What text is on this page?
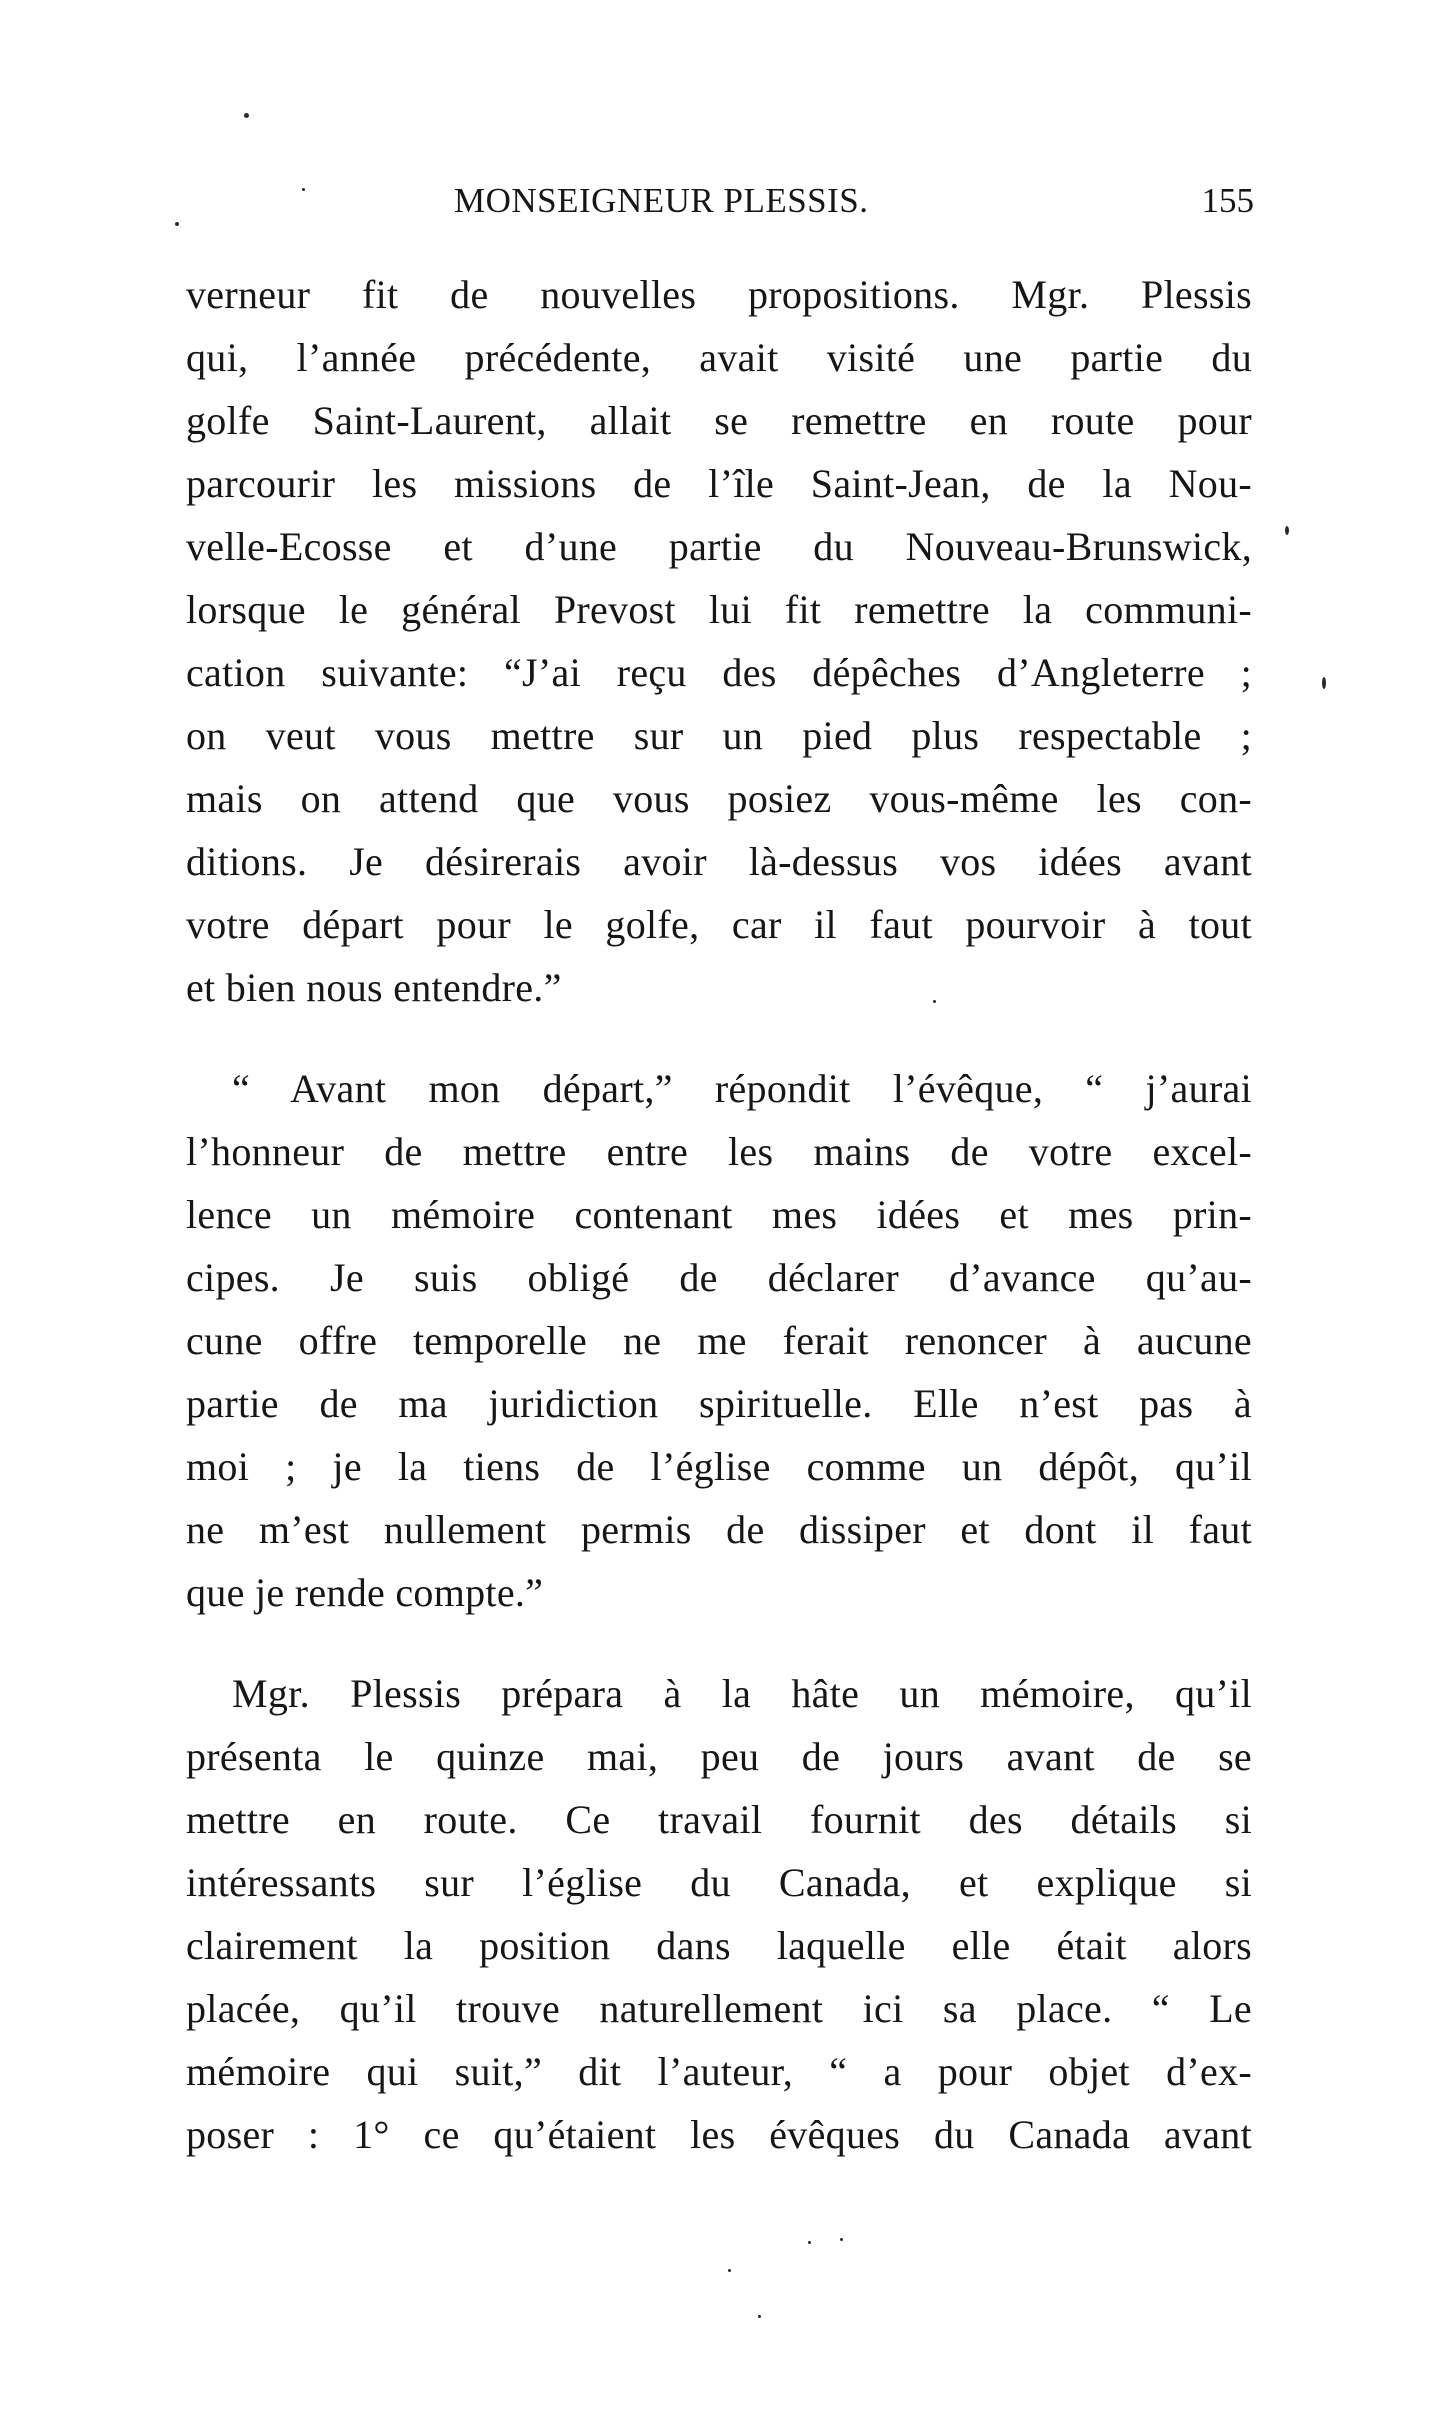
MONSEIGNEUR PLESSIS.	155
verneur fit de nouvelles propositions. Mgr. Plessis
qui, l’année précédente, avait visité une partie du
golfe Saint-Laurent, allait se remettre en route pour
parcourir les missions de l’île Saint-Jean, de la Nou-
velle-Ecosse et d’une partie du Nouveau-Brunswick,
lorsque le général Prevost lui fit remettre la communi-
cation suivante: “J’ai reçu des dépêches d’Angleterre ;
on veut vous mettre sur un pied plus respectable ;
mais on attend que vous posiez vous-même les con-
ditions. Je désirerais avoir là-dessus vos idées avant
votre départ pour le golfe, car il faut pourvoir à tout
et bien nous entendre.”
“ Avant mon départ,” répondit l’évêque, “ j’aurai
l’honneur de mettre entre les mains de votre excel-
lence un mémoire contenant mes idées et mes prin-
cipes. Je suis obligé de déclarer d’avance qu’au-
cune offre temporelle ne me ferait renoncer à aucune
partie de ma juridiction spirituelle. Elle n’est pas à
moi ; je la tiens de l’église comme un dépôt, qu’il
ne m’est nullement permis de dissiper et dont il faut
que je rende compte.”
Mgr. Plessis prépara à la hâte un mémoire, qu’il
présenta le quinze mai, peu de jours avant de se
mettre en route. Ce travail fournit des détails si
intéressants sur l’église du Canada, et explique si
clairement la position dans laquelle elle était alors
placée, qu’il trouve naturellement ici sa place. “ Le
mémoire qui suit,” dit l’auteur, “ a pour objet d’ex-
poser : 1° ce qu’étaient les évêques du Canada avant
